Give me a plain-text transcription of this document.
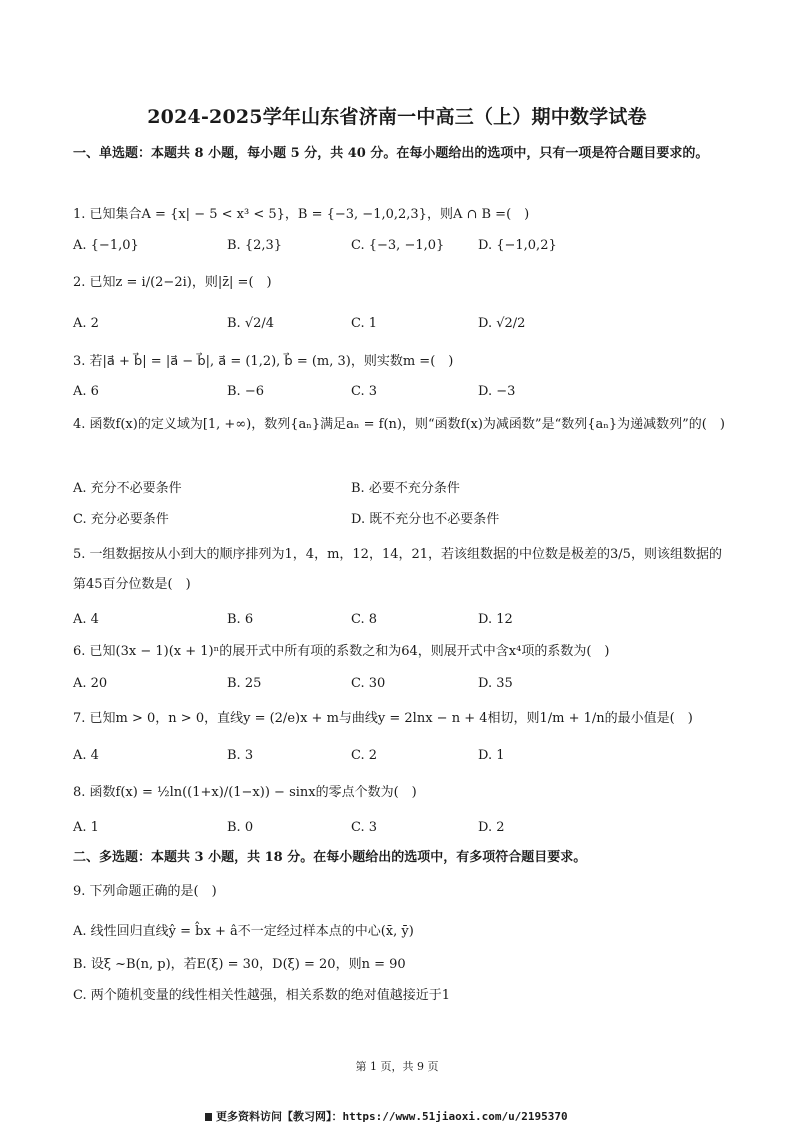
2024-2025学年山东省济南一中高三（上）期中数学试卷
一、单选题：本题共 8 小题，每小题 5 分，共 40 分。在每小题给出的选项中，只有一项是符合题目要求的。
1. 已知集合A = {x| − 5 < x³ < 5}，B = {−3, −1,0,2,3}，则A ∩ B =(　)
A. {−1,0}	B. {2,3}	C. {−3, −1,0}	D. {−1,0,2}
2. 已知z = i/(2−2i)，则|z̄| =(　)
A. 2	B. √2/4	C. 1	D. √2/2
3. 若|a⃗ + b⃗| = |a⃗ − b⃗|, a⃗ = (1,2), b⃗ = (m, 3)，则实数m =(　)
A. 6	B. −6	C. 3	D. −3
4. 函数f(x)的定义域为[1, +∞)，数列{aₙ}满足aₙ = f(n)，则“函数f(x)为减函数”是“数列{aₙ}为递减数列”的(　)
A. 充分不必要条件	B. 必要不充分条件
C. 充分必要条件	D. 既不充分也不必要条件
5. 一组数据按从小到大的顺序排列为1，4，m，12，14，21，若该组数据的中位数是极差的3/5，则该组数据的第45百分位数是(　)
A. 4	B. 6	C. 8	D. 12
6. 已知(3x − 1)(x + 1)ⁿ的展开式中所有项的系数之和为64，则展开式中含x⁴项的系数为(　)
A. 20	B. 25	C. 30	D. 35
7. 已知m > 0，n > 0，直线y = (2/e)x + m与曲线y = 2lnx − n + 4相切，则1/m + 1/n的最小值是(　)
A. 4	B. 3	C. 2	D. 1
8. 函数f(x) = ½ln((1+x)/(1−x)) − sinx的零点个数为(　)
A. 1	B. 0	C. 3	D. 2
二、多选题：本题共 3 小题，共 18 分。在每小题给出的选项中，有多项符合题目要求。
9. 下列命题正确的是(　)
A. 线性回归直线ŷ = b̂x + â不一定经过样本点的中心(x̄, ȳ)
B. 设ξ ~B(n, p)，若E(ξ) = 30，D(ξ) = 20，则n = 90
C. 两个随机变量的线性相关性越强，相关系数的绝对值越接近于1
第 1 页，共 9 页
更多资料访问【教习网】：https://www.51jiaoxi.com/u/2195370
